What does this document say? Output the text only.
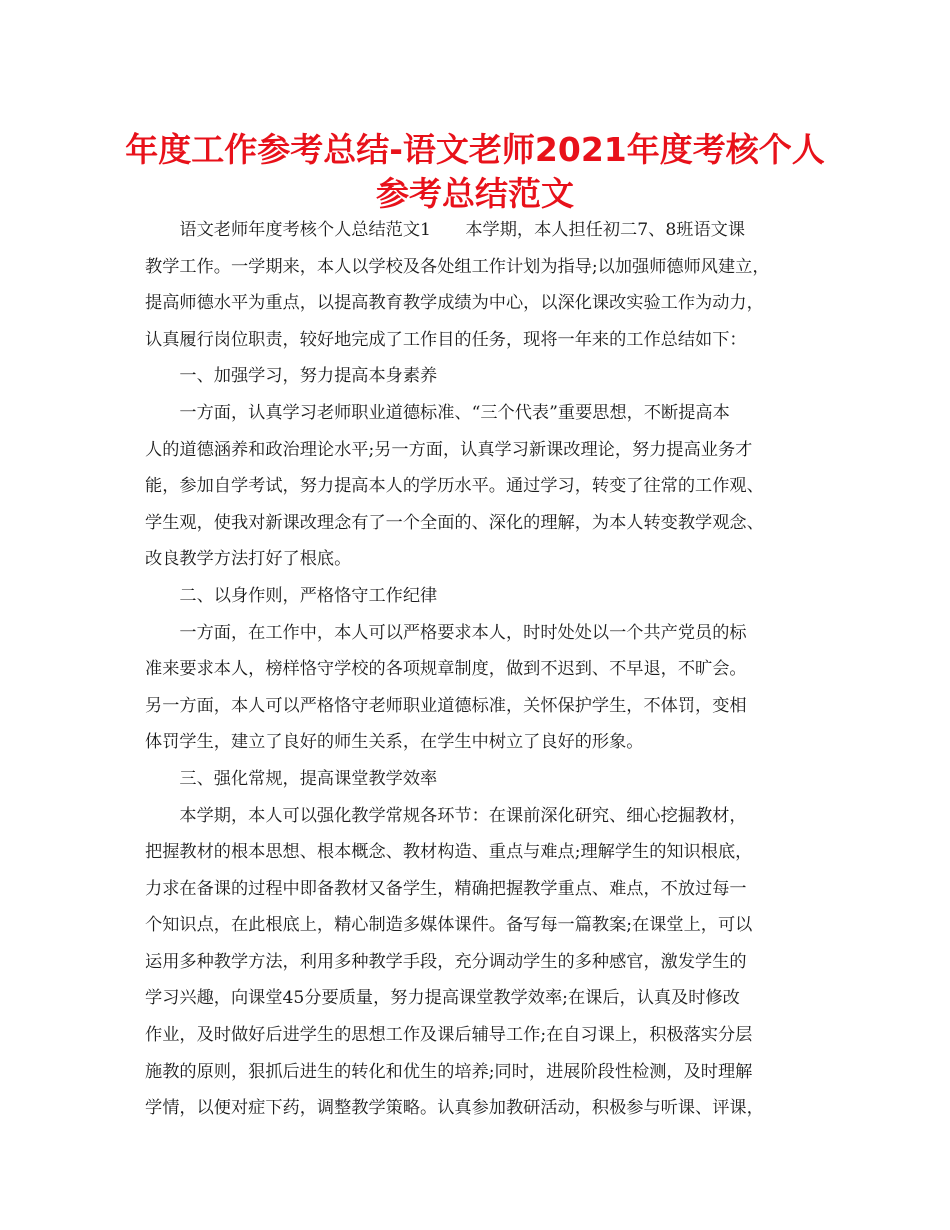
年度工作参考总结-语文老师2021年度考核个人
参考总结范文
语文老师年度考核个人总结范文1　　本学期，本人担任初二7、8班语文课
教学工作。一学期来，本人以学校及各处组工作计划为指导;以加强师德师风建立，
提高师德水平为重点，以提高教育教学成绩为中心，以深化课改实验工作为动力，
认真履行岗位职责，较好地完成了工作目的任务，现将一年来的工作总结如下：
一、加强学习，努力提高本身素养
一方面，认真学习老师职业道德标准、“三个代表”重要思想，不断提高本
人的道德涵养和政治理论水平;另一方面，认真学习新课改理论，努力提高业务才
能，参加自学考试，努力提高本人的学历水平。通过学习，转变了往常的工作观、
学生观，使我对新课改理念有了一个全面的、深化的理解，为本人转变教学观念、
改良教学方法打好了根底。
二、以身作则，严格恪守工作纪律
一方面，在工作中，本人可以严格要求本人，时时处处以一个共产党员的标
准来要求本人，榜样恪守学校的各项规章制度，做到不迟到、不早退，不旷会。
另一方面，本人可以严格恪守老师职业道德标准，关怀保护学生，不体罚，变相
体罚学生，建立了良好的师生关系，在学生中树立了良好的形象。
三、强化常规，提高课堂教学效率
本学期，本人可以强化教学常规各环节：在课前深化研究、细心挖掘教材，
把握教材的根本思想、根本概念、教材构造、重点与难点;理解学生的知识根底，
力求在备课的过程中即备教材又备学生，精确把握教学重点、难点，不放过每一
个知识点，在此根底上，精心制造多媒体课件。备写每一篇教案;在课堂上，可以
运用多种教学方法，利用多种教学手段，充分调动学生的多种感官，激发学生的
学习兴趣，向课堂45分要质量，努力提高课堂教学效率;在课后，认真及时修改
作业，及时做好后进学生的思想工作及课后辅导工作;在自习课上，积极落实分层
施教的原则，狠抓后进生的转化和优生的培养;同时，进展阶段性检测，及时理解
学情，以便对症下药，调整教学策略。认真参加教研活动，积极参与听课、评课，
